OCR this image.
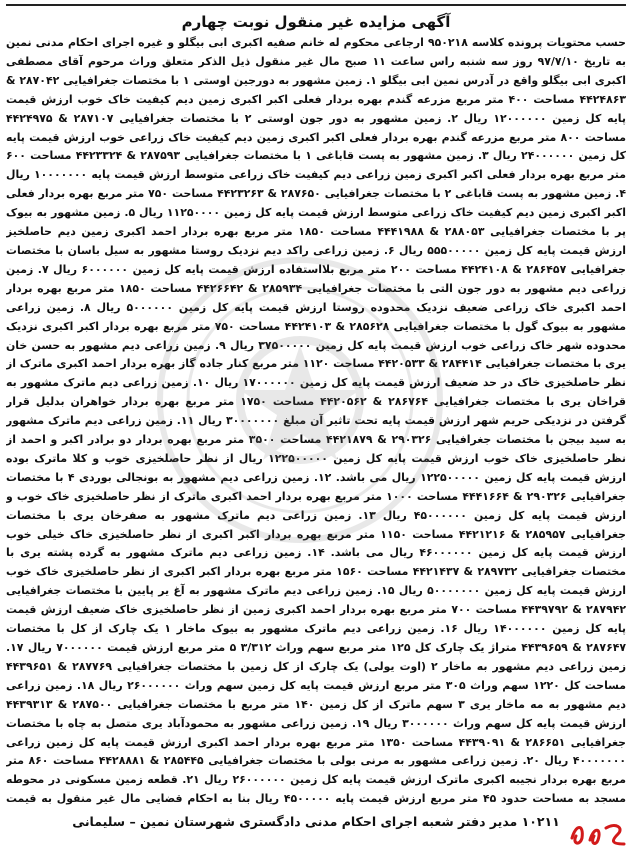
آگهی مزایده غیر منقول نوبت چهارم

حسب محتویات پرونده کلاسه ۹۵۰۲۱۸ ارجاعی محکوم له خانم صفیه اکبری ابی بیگلو و غیره اجرای احکام مدنی نمین به تاریخ ۹۷/۷/۱۰ روز سه شنبه راس ساعت ۱۱ صبح مال غیر منقول ذیل الذکر متعلق وراث مرحوم آقای مصطفی اکبری ابی بیگلو واقع در آدرس نمین ابی بیگلو ۱. زمین مشهور به دورجین اوستی ۱ با مختصات جغرافیایی ۲۸۷۰۴۲ & ۴۴۲۴۸۶۳ مساحت ۴۰۰ متر مربع مزرعه گندم بهره بردار فعلی اکبر اکبری زمین دیم کیفیت خاک خوب ارزش قیمت پایه کل زمین ۱۲۰۰۰۰۰۰ ریال ۲. زمین مشهور به دور جون اوستی ۲ با مختصات جغرافیایی ۲۸۷۱۰۷ & ۴۴۲۴۹۷۵ مساحت ۸۰۰ متر مربع مزرعه گندم بهره بردار فعلی اکبر اکبری زمین دیم کیفیت خاک زراعی خوب ارزش قیمت پایه کل زمین ۲۴۰۰۰۰۰۰ ریال ۳. زمین مشهور به پست قاباغی ۱ با مختصات جغرافیایی ۲۸۷۵۹۳ & ۴۴۲۳۳۲۴ مساحت ۶۰۰ متر مربع بهره بردار فعلی اکبر اکبری زمین زراعی دیم کیفیت خاک زراعی متوسط ارزش قیمت پایه ۱۰۰۰۰۰۰۰ ریال ۴. زمین مشهور به پست قاباغی ۲ با مختصات جغرافیایی ۲۸۷۶۵۰ & ۴۴۲۳۲۶۳ مساحت ۷۵۰ متر مربع بهره بردار فعلی اکبر اکبری زمین دیم کیفیت خاک زراعی متوسط ارزش قیمت پایه کل زمین ۱۱۲۵۰۰۰۰ ریال ۵. زمین مشهور به بیوک پر با مختصات جغرافیایی ۲۸۸۰۵۳ & ۴۴۴۱۹۸۸ مساحت ۱۸۵۰ متر مربع بهره بردار احمد اکبری زمین دیم حاصلخیز ارزش قیمت پایه کل زمین ۵۵۵۰۰۰۰۰ ریال ۶. زمین زراعی راکد دیم نزدیک روستا مشهور به سیل باسان با مختصات جغرافیایی ۲۸۶۴۵۷ & ۴۴۲۴۱۰۸ مساحت ۲۰۰ متر مربع بلااستفاده ارزش قیمت پایه کل زمین ۶۰۰۰۰۰۰ ریال ۷. زمین زراعی دیم مشهور به دور جون التی با مختصات جغرافیایی ۲۸۵۹۳۴ & ۴۴۲۶۶۴۲ مساحت ۱۸۵۰ متر مربع بهره بردار احمد اکبری خاک زراعی ضعیف نزدیک محدوده روستا ارزش قیمت پایه کل زمین ۵۰۰۰۰۰۰ ریال ۸. زمین زراعی مشهور به بیوک گول با مختصات جغرافیایی ۲۸۵۶۲۸ & ۴۴۲۴۱۰۳ مساحت ۷۵۰ متر مربع بهره بردار اکبر اکبری نزدیک محدوده شهر خاک زراعی خوب ارزش قیمت پایه کل زمین ۳۷۵۰۰۰۰۰ ریال ۹. زمین زراعی دیم مشهور به حسن خان یری با مختصات جغرافیایی ۲۸۴۴۱۴ & ۴۴۲۰۵۳۳ مساحت ۱۱۲۰ متر مربع کنار جاده گاز بهره بردار احمد اکبری ماترک از نظر حاصلخیزی خاک در حد ضعیف ارزش قیمت پایه کل زمین ۱۷۰۰۰۰۰۰ ریال ۱۰. زمین زراعی دیم ماترک مشهور به قراخان یری با مختصات جغرافیایی ۲۸۶۷۶۴ & ۴۴۲۰۵۶۲ مساحت ۱۷۵۰ متر مربع بهره بردار خواهران بدلیل قرار گرفتن در نزدیکی حریم شهر ارزش قیمت پایه تحت تاثیر آن مبلغ ۳۰۰۰۰۰۰۰ ریال ۱۱. زمین زراعی دیم ماترک مشهور به سید بیجن با مختصات جغرافیایی ۲۹۰۳۲۶ & ۴۴۲۱۸۷۹ مساحت ۳۵۰۰ متر مربع بهره بردار دو برادر اکبر و احمد از نظر حاصلخیزی خاک خوب ارزش قیمت پایه کل زمین ۱۲۲۵۰۰۰۰۰ ریال از نظر حاصلخیزی خوب و کلا ماترک بوده ارزش قیمت پایه کل زمین ۱۲۲۵۰۰۰۰۰ ریال می باشد. ۱۲. زمین زراعی دیم مشهور به بونجالی بوردی ۴ با مختصات جغرافیایی ۲۹۰۳۲۶ & ۴۴۴۱۶۶۴ مساحت ۱۰۰۰ متر مربع بهره بردار احمد اکبری ماترک از نظر حاصلخیزی خاک خوب و ارزش قیمت پایه کل زمین ۴۵۰۰۰۰۰۰ ریال ۱۳. زمین زراعی دیم ماترک مشهور به صفرخان یری با مختصات جغرافیایی ۲۸۵۹۵۷ & ۴۴۲۱۲۱۶ مساحت ۱۱۵۰ متر مربع بهره بردار اکبر اکبری از نظر حاصلخیزی خاک خیلی خوب ارزش قیمت پایه کل زمین ۴۶۰۰۰۰۰۰ ریال می باشد. ۱۴. زمین زراعی دیم ماترک مشهور به گرده پشته یری با مختصات جغرافیایی ۲۸۹۷۳۲ & ۴۴۲۱۴۳۷ مساحت ۱۵۶۰ متر مربع بهره بردار اکبر اکبری از نظر حاصلخیزی خاک خوب ارزش قیمت پایه کل زمین ۵۰۰۰۰۰۰۰ ریال ۱۵. زمین زراعی دیم ماترک مشهور به آغ یر پایین با مختصات جغرافیایی ۲۸۷۹۴۲ & ۴۴۳۹۷۹۲ مساحت ۷۰۰ متر مربع بهره بردار احمد اکبری زمین از نظر حاصلخیزی خاک ضعیف ارزش قیمت پایه کل زمین ۱۴۰۰۰۰۰۰ ریال ۱۶. زمین زراعی دیم ماترک مشهور به بیوک ماخار ۱ یک چارک از کل با مختصات ۲۸۷۶۴۷ & ۴۴۳۹۶۵۹ متراژ یک چارک کل ۱۲۵ متر مربع سهم وراث ۳/۳۱۲ ۵ متر مربع ارزش قیمت ۷۰۰۰۰۰۰ ریال ۱۷. زمین زراعی دیم مشهور به ماخار ۲ (اوت یولی) یک چارک از کل زمین با مختصات جغرافیایی ۲۸۷۷۶۹ & ۴۴۳۹۶۵۱ مساحت کل ۱۲۲۰ سهم وراث ۳۰۵ متر مربع ارزش قیمت پایه کل زمین سهم وراث ۲۶۰۰۰۰۰۰ ریال ۱۸. زمین زراعی دیم مشهور به مه ماخار یری ۳ سهم ماترک از کل زمین ۱۴۰ متر مربع با مختصات جغرافیایی ۲۸۷۵۰۰ & ۴۴۳۹۳۱۳ ارزش قیمت پایه کل سهم وراث ۳۰۰۰۰۰۰ ریال ۱۹. زمین زراعی مشهور به محمودآباد یری متصل به چاه با مختصات جغرافیایی ۲۸۶۶۵۱ & ۴۴۳۹۰۹۱ مساحت ۱۳۵۰ متر مربع بهره بردار احمد اکبری ارزش قیمت پایه کل زمین زراعی ۴۰۰۰۰۰۰۰ ریال ۲۰. زمین زراعی مشهور به مرنی بولی با مختصات جغرافیایی ۲۸۵۴۴۵ & ۴۴۲۸۸۸۱ مساحت ۸۶۰ متر مربع بهره بردار نجیبه اکبری ماترک ارزش قیمت پایه کل زمین ۲۶۰۰۰۰۰۰ ریال ۲۱. قطعه زمین مسکونی در محوطه مسجد به مساحت حدود ۴۵ متر مربع ارزش قیمت پایه ۴۵۰۰۰۰۰ ریال بنا به احکام قضایی مال غیر منقول به قیمت

۱۰۲۱۱ مدیر دفتر شعبه اجرای احکام مدنی دادگستری شهرستان نمین – سلیمانی
